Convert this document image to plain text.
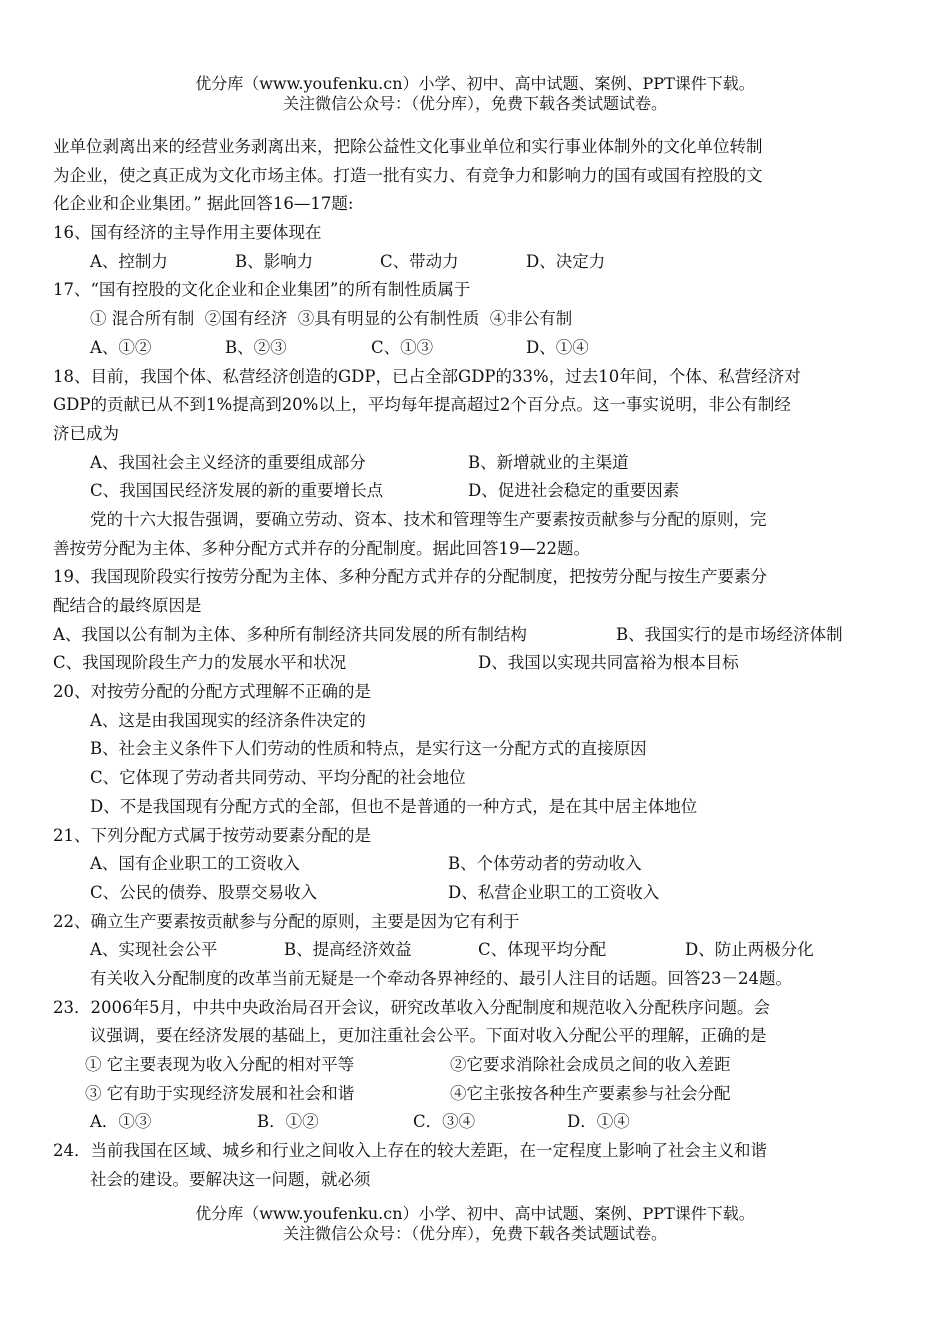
优分库（www.youfenku.cn）小学、初中、高中试题、案例、PPT课件下载。
关注微信公众号：（优分库），免费下载各类试题试卷。
业单位剥离出来的经营业务剥离出来，把除公益性文化事业单位和实行事业体制外的文化单位转制
为企业，使之真正成为文化市场主体。打造一批有实力、有竞争力和影响力的国有或国有控股的文
化企业和企业集团。” 据此回答16—17题:
16、国有经济的主导作用主要体现在
A、控制力	B、影响力	C、带动力	D、决定力
17、“国有控股的文化企业和企业集团”的所有制性质属于
① 混合所有制  ②国有经济  ③具有明显的公有制性质  ④非公有制
A、①②	B、②③	C、①③	D、①④
18、目前，我国个体、私营经济创造的GDP，已占全部GDP的33%，过去10年间，个体、私营经济对
GDP的贡献已从不到1%提高到20%以上，平均每年提高超过2个百分点。这一事实说明，非公有制经
济已成为
A、我国社会主义经济的重要组成部分	B、新增就业的主渠道
C、我国国民经济发展的新的重要增长点	D、促进社会稳定的重要因素
党的十六大报告强调，要确立劳动、资本、技术和管理等生产要素按贡献参与分配的原则，完
善按劳分配为主体、多种分配方式并存的分配制度。据此回答19—22题。
19、我国现阶段实行按劳分配为主体、多种分配方式并存的分配制度，把按劳分配与按生产要素分
配结合的最终原因是
A、我国以公有制为主体、多种所有制经济共同发展的所有制结构	B、我国实行的是市场经济体制
C、我国现阶段生产力的发展水平和状况	D、我国以实现共同富裕为根本目标
20、对按劳分配的分配方式理解不正确的是
A、这是由我国现实的经济条件决定的
B、社会主义条件下人们劳动的性质和特点，是实行这一分配方式的直接原因
C、它体现了劳动者共同劳动、平均分配的社会地位
D、不是我国现有分配方式的全部，但也不是普通的一种方式，是在其中居主体地位
21、下列分配方式属于按劳动要素分配的是
A、国有企业职工的工资收入	B、个体劳动者的劳动收入
C、公民的债券、股票交易收入	D、私营企业职工的工资收入
22、确立生产要素按贡献参与分配的原则，主要是因为它有利于
A、实现社会公平	B、提高经济效益	C、体现平均分配	D、防止两极分化
有关收入分配制度的改革当前无疑是一个牵动各界神经的、最引人注目的话题。回答23－24题。
23．2006年5月，中共中央政治局召开会议，研究改革收入分配制度和规范收入分配秩序问题。会
议强调，要在经济发展的基础上，更加注重社会公平。下面对收入分配公平的理解，正确的是
① 它主要表现为收入分配的相对平等	②它要求消除社会成员之间的收入差距
③ 它有助于实现经济发展和社会和谐	④它主张按各种生产要素参与社会分配
A．①③	B．①②	C．③④	D．①④
24．当前我国在区域、城乡和行业之间收入上存在的较大差距，在一定程度上影响了社会主义和谐
社会的建设。要解决这一问题，就必须
优分库（www.youfenku.cn）小学、初中、高中试题、案例、PPT课件下载。
关注微信公众号：（优分库），免费下载各类试题试卷。
